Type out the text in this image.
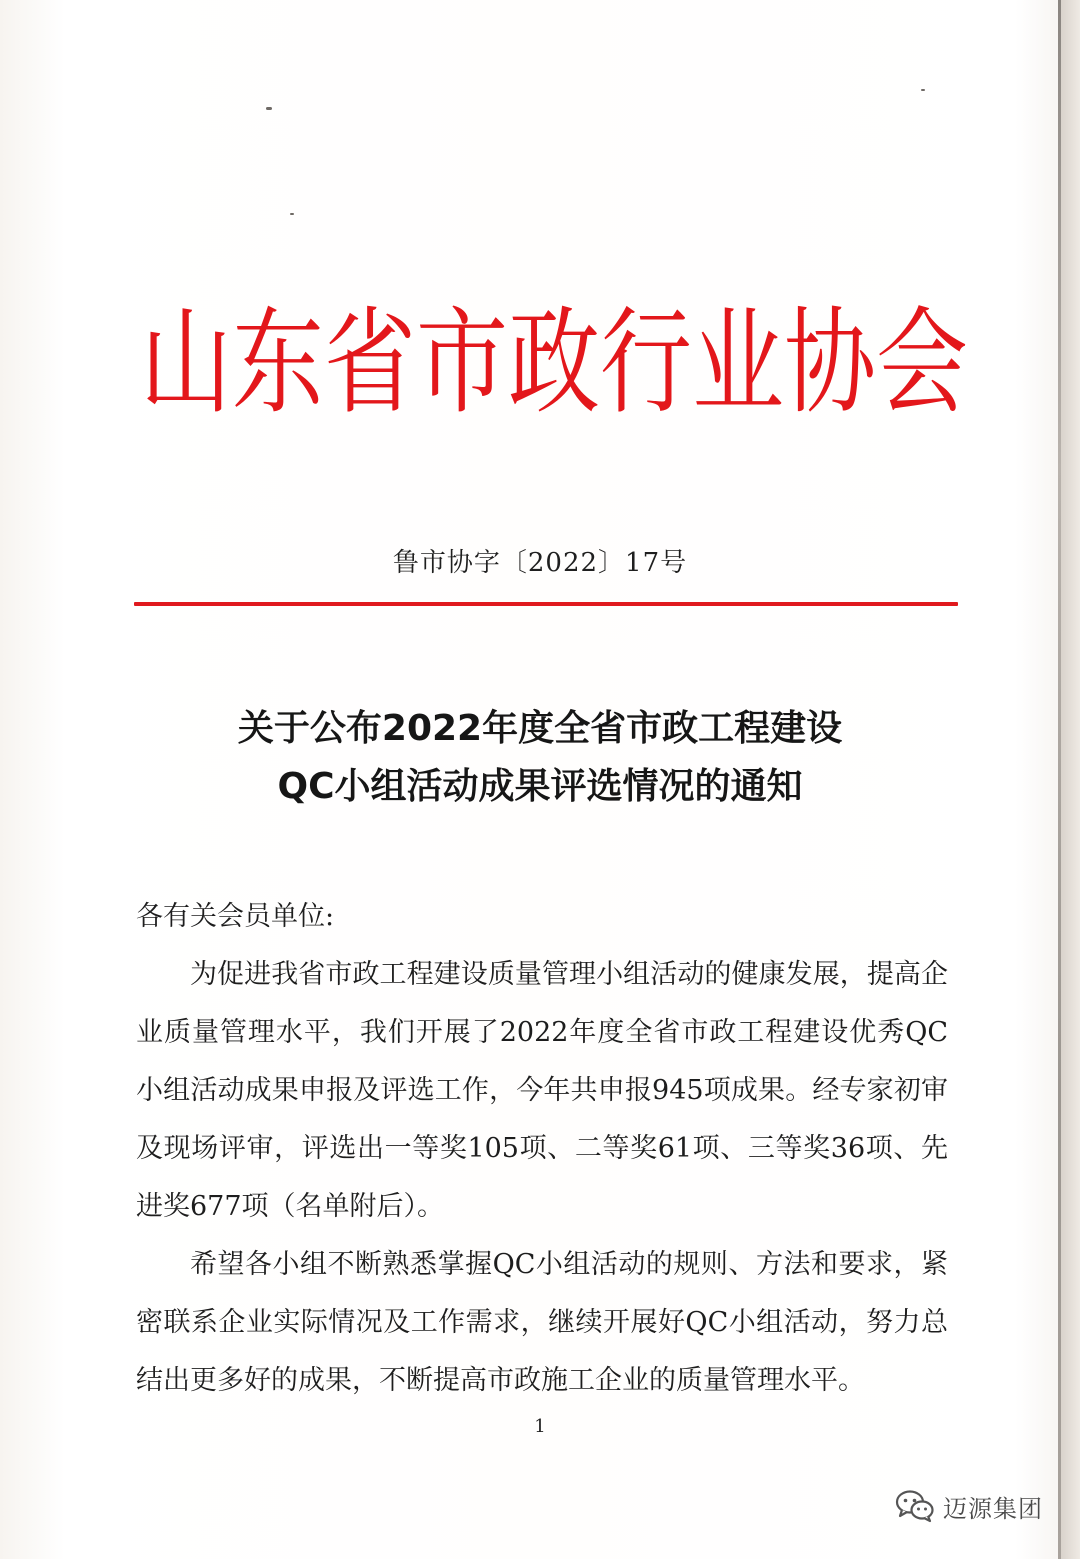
山东省市政行业协会
鲁市协字〔2022〕17号
关于公布2022年度全省市政工程建设
QC小组活动成果评选情况的通知
各有关会员单位:
为促进我省市政工程建设质量管理小组活动的健康发展，提高企业质量管理水平，我们开展了2022年度全省市政工程建设优秀QC小组活动成果申报及评选工作，今年共申报945项成果。经专家初审及现场评审，评选出一等奖105项、二等奖61项、三等奖36项、先进奖677项（名单附后）。
希望各小组不断熟悉掌握QC小组活动的规则、方法和要求，紧密联系企业实际情况及工作需求，继续开展好QC小组活动，努力总结出更多好的成果，不断提高市政施工企业的质量管理水平。
1
迈源集团
